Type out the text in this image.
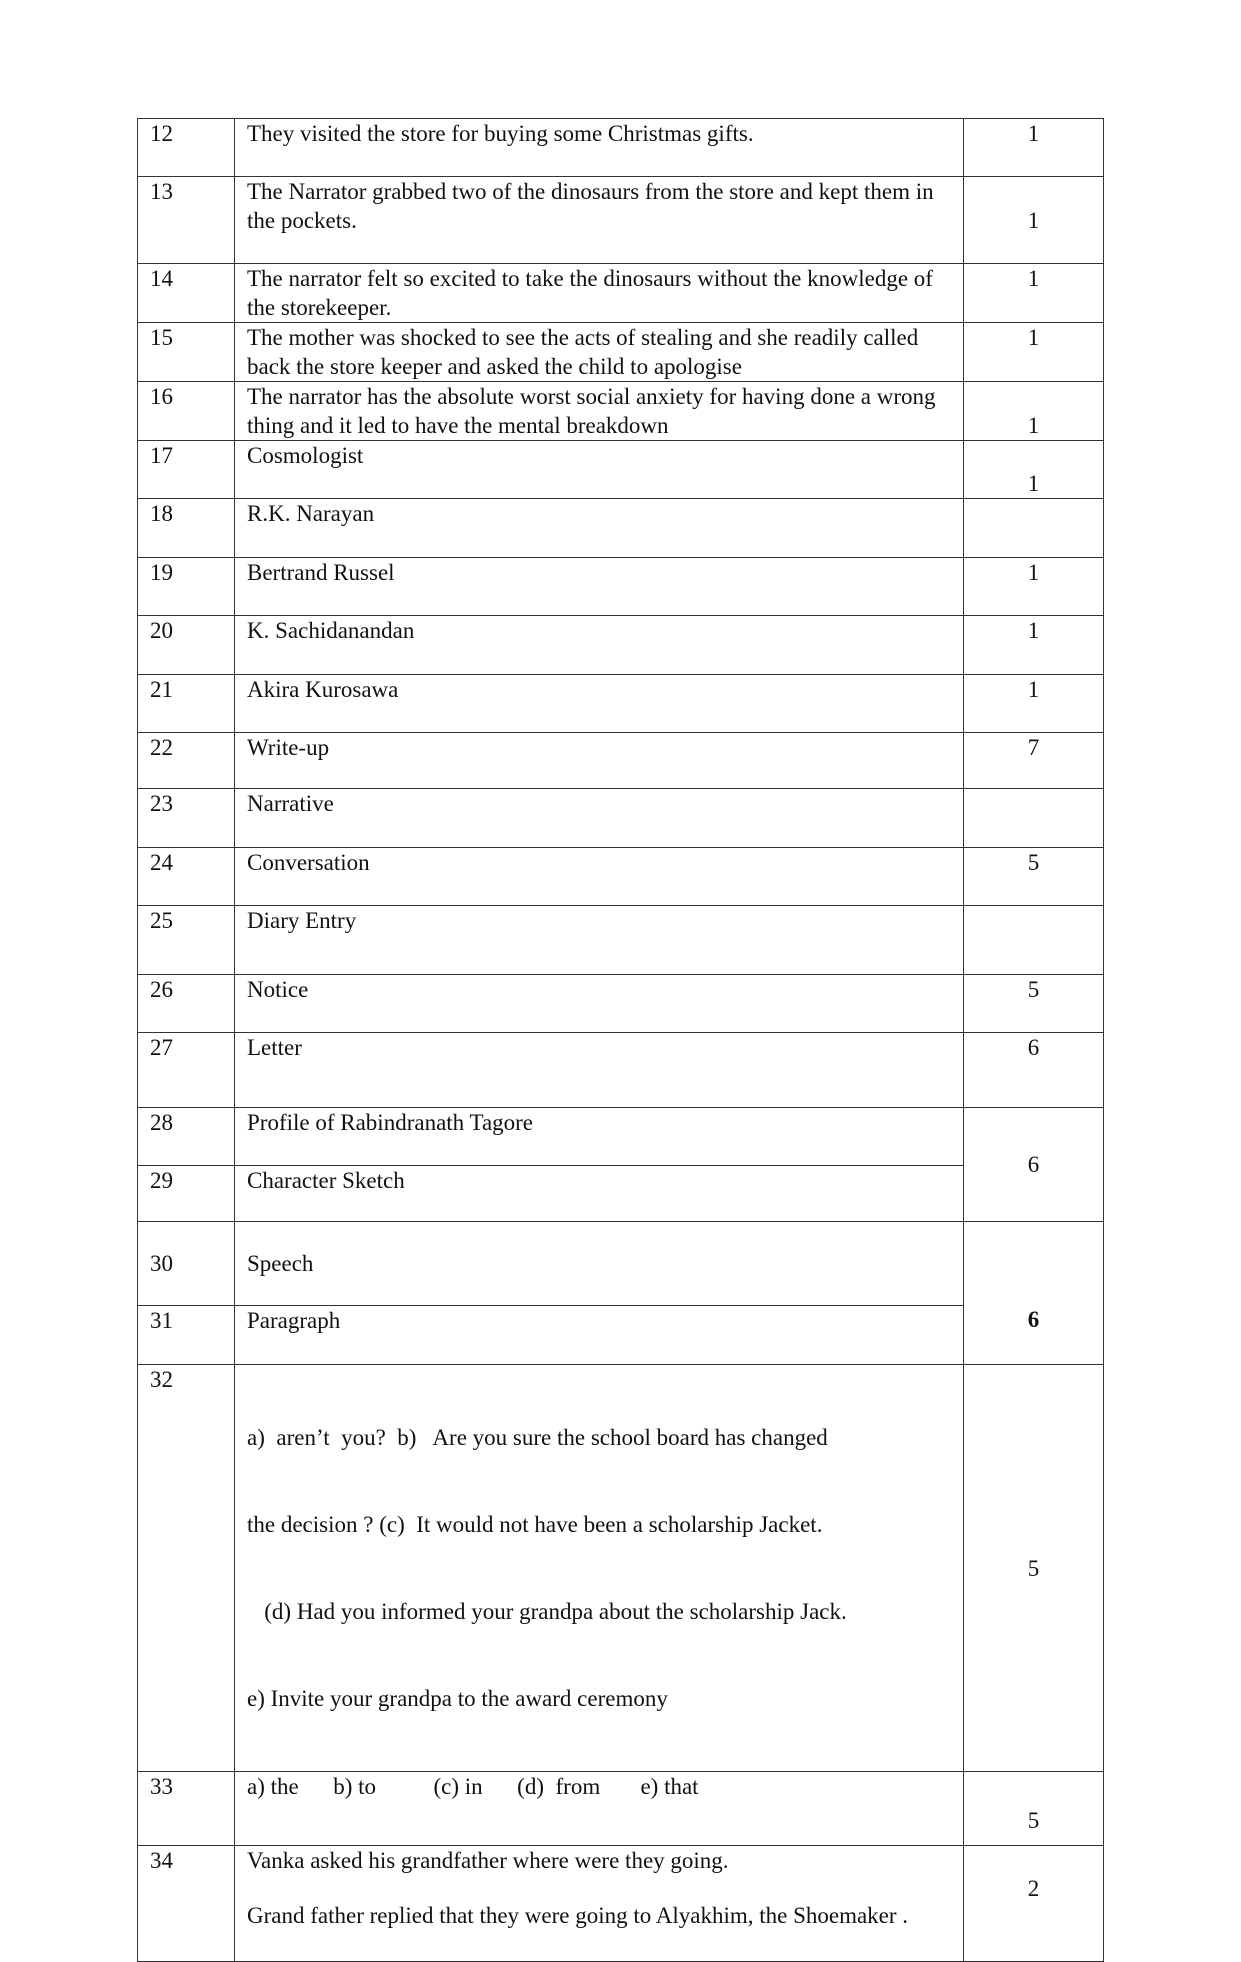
12	They visited the store for buying some Christmas gifts.	1
13	The Narrator grabbed two of the dinosaurs from the store and kept them in the pockets.	1
14	The narrator felt so excited to take the dinosaurs without the knowledge of the storekeeper.	1
15	The mother was shocked to see the acts of stealing and she readily called back the store keeper and asked the child to apologise	1
16	The narrator has the absolute worst social anxiety for having done a wrong thing and it led to have the mental breakdown	1
17	Cosmologist	1
18	R.K. Narayan	
19	Bertrand Russel	1
20	K. Sachidanandan	1
21	Akira Kurosawa	1
22	Write-up	7
23	Narrative	
24	Conversation	5
25	Diary Entry	
26	Notice	5
27	Letter	6
28	Profile of Rabindranath Tagore	6
29	Character Sketch	
30	Speech	6
31	Paragraph	
32	a)  aren’t  you?  b)   Are you sure the school board has changed

the decision ? (c)  It would not have been a scholarship Jacket.

(d) Had you informed your grandpa about the scholarship Jack.

e) Invite your grandpa to the award ceremony	5
33	a) the      b) to          (c) in      (d)  from       e) that	5
34	Vanka asked his grandfather where were they going.
Grand father replied that they were going to Alyakhim, the Shoemaker .	2
